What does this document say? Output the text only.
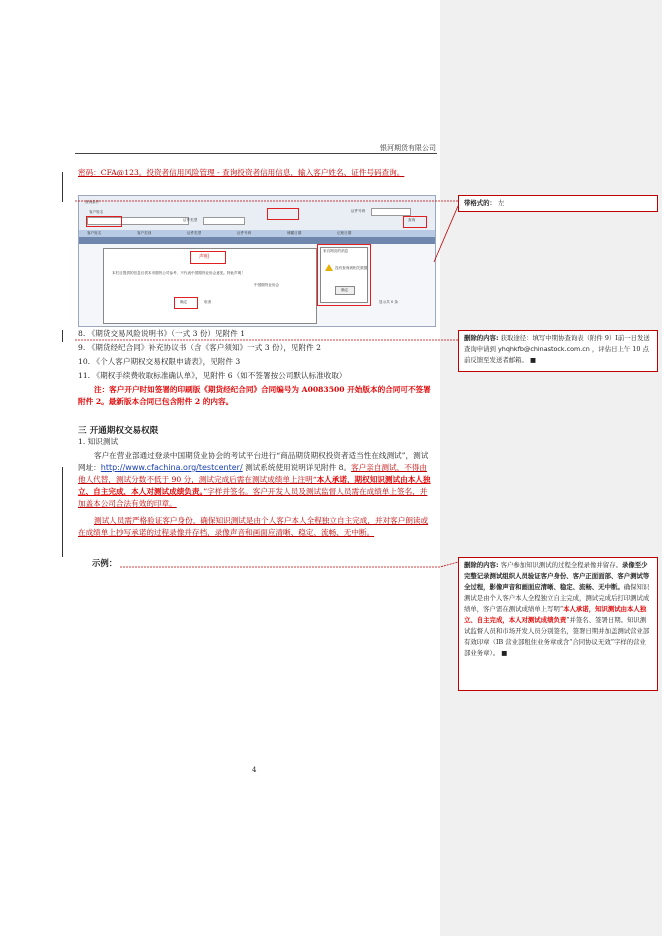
银河期货有限公司
密码：CFA@123。投资者信用风险管理 - 查询投资者信用信息，输入客户姓名、证件号码查询。
查询条件
客户姓名
证件类型
证件号码
查询
客户姓名	客户类别	证件类型	证件号码	储蓄日期	记账日期
声明
本栏目提供的信息仅供本市期货公司参考，不代表中国期货业协会意见。特此声明！
中国期货业协会
确定	取消
来自网页的消息
没有查询到相关数据
确定
显示共 0 条
8. 《期货交易风险说明书》（一式 3 份）见附件 1
9. 《期货经纪合同》补充协议书（含《客户须知》一式 3 份），见附件 2
10. 《个人客户期权交易权限申请表》，见附件 3
11. 《期权手续费收取标准确认单》，见附件 6（如不签署按公司默认标准收取）
注：客户开户时如签署的印刷版《期货经纪合同》合同编号为 A0083500 开始版本的合同可不签署附件 2。最新版本合同已包含附件 2 的内容。
三 开通期权交易权限
1. 知识测试
客户在营业部通过登录中国期货业协会的考试平台进行“商品期货期权投资者适当性在线测试”，测试网址：http://www.cfachina.org/testcenter/ 测试系统使用说明详见附件 8。客户亲自测试，不得由他人代替，测试分数不低于 90 分，测试完成后需在测试成绩单上注明“本人承诺，期权知识测试由本人独立、自主完成，本人对测试成绩负责。”字样并签名。客户开发人员及测试监督人员需在成绩单上签名，并加盖本公司合法有效的印章。
测试人员需严格验证客户身份，确保知识测试是由个人客户本人全程独立自主完成，并对客户朗读或在成绩单上抄写承诺的过程录像并存档，录像声音和画面应清晰、稳定、流畅、无中断。
示例：
4
带格式的： 左
删除的内容: 获取途径：填写中期协查询表（附件 9）Ⅰ前一日发送查询申请到 yhqhkfb@chinastock.com.cn ，评估日上午 10 点前反馈至发送者邮箱。 ■
删除的内容: 客户参加知识测试的过程全程录像并留存。录像至少完整记录测试组织人员验证客户身份、客户正面面部、客户测试等全过程，影像声音和画面应清晰、稳定、流畅、无中断。确保知识测试是由个人客户本人全程独立自主完成，测试完成后打印测试成绩单，客户需在测试成绩单上写明“本人承诺，知识测试由本人独立、自主完成，本人对测试成绩负责”并签名、签署日期。知识测试监督人员和市场开发人员分别签名，签署日期并加盖测试营业部有效印章（IB 营业部租住业务章或含“合同协议无效”字样的营业部业务章）。 ■
